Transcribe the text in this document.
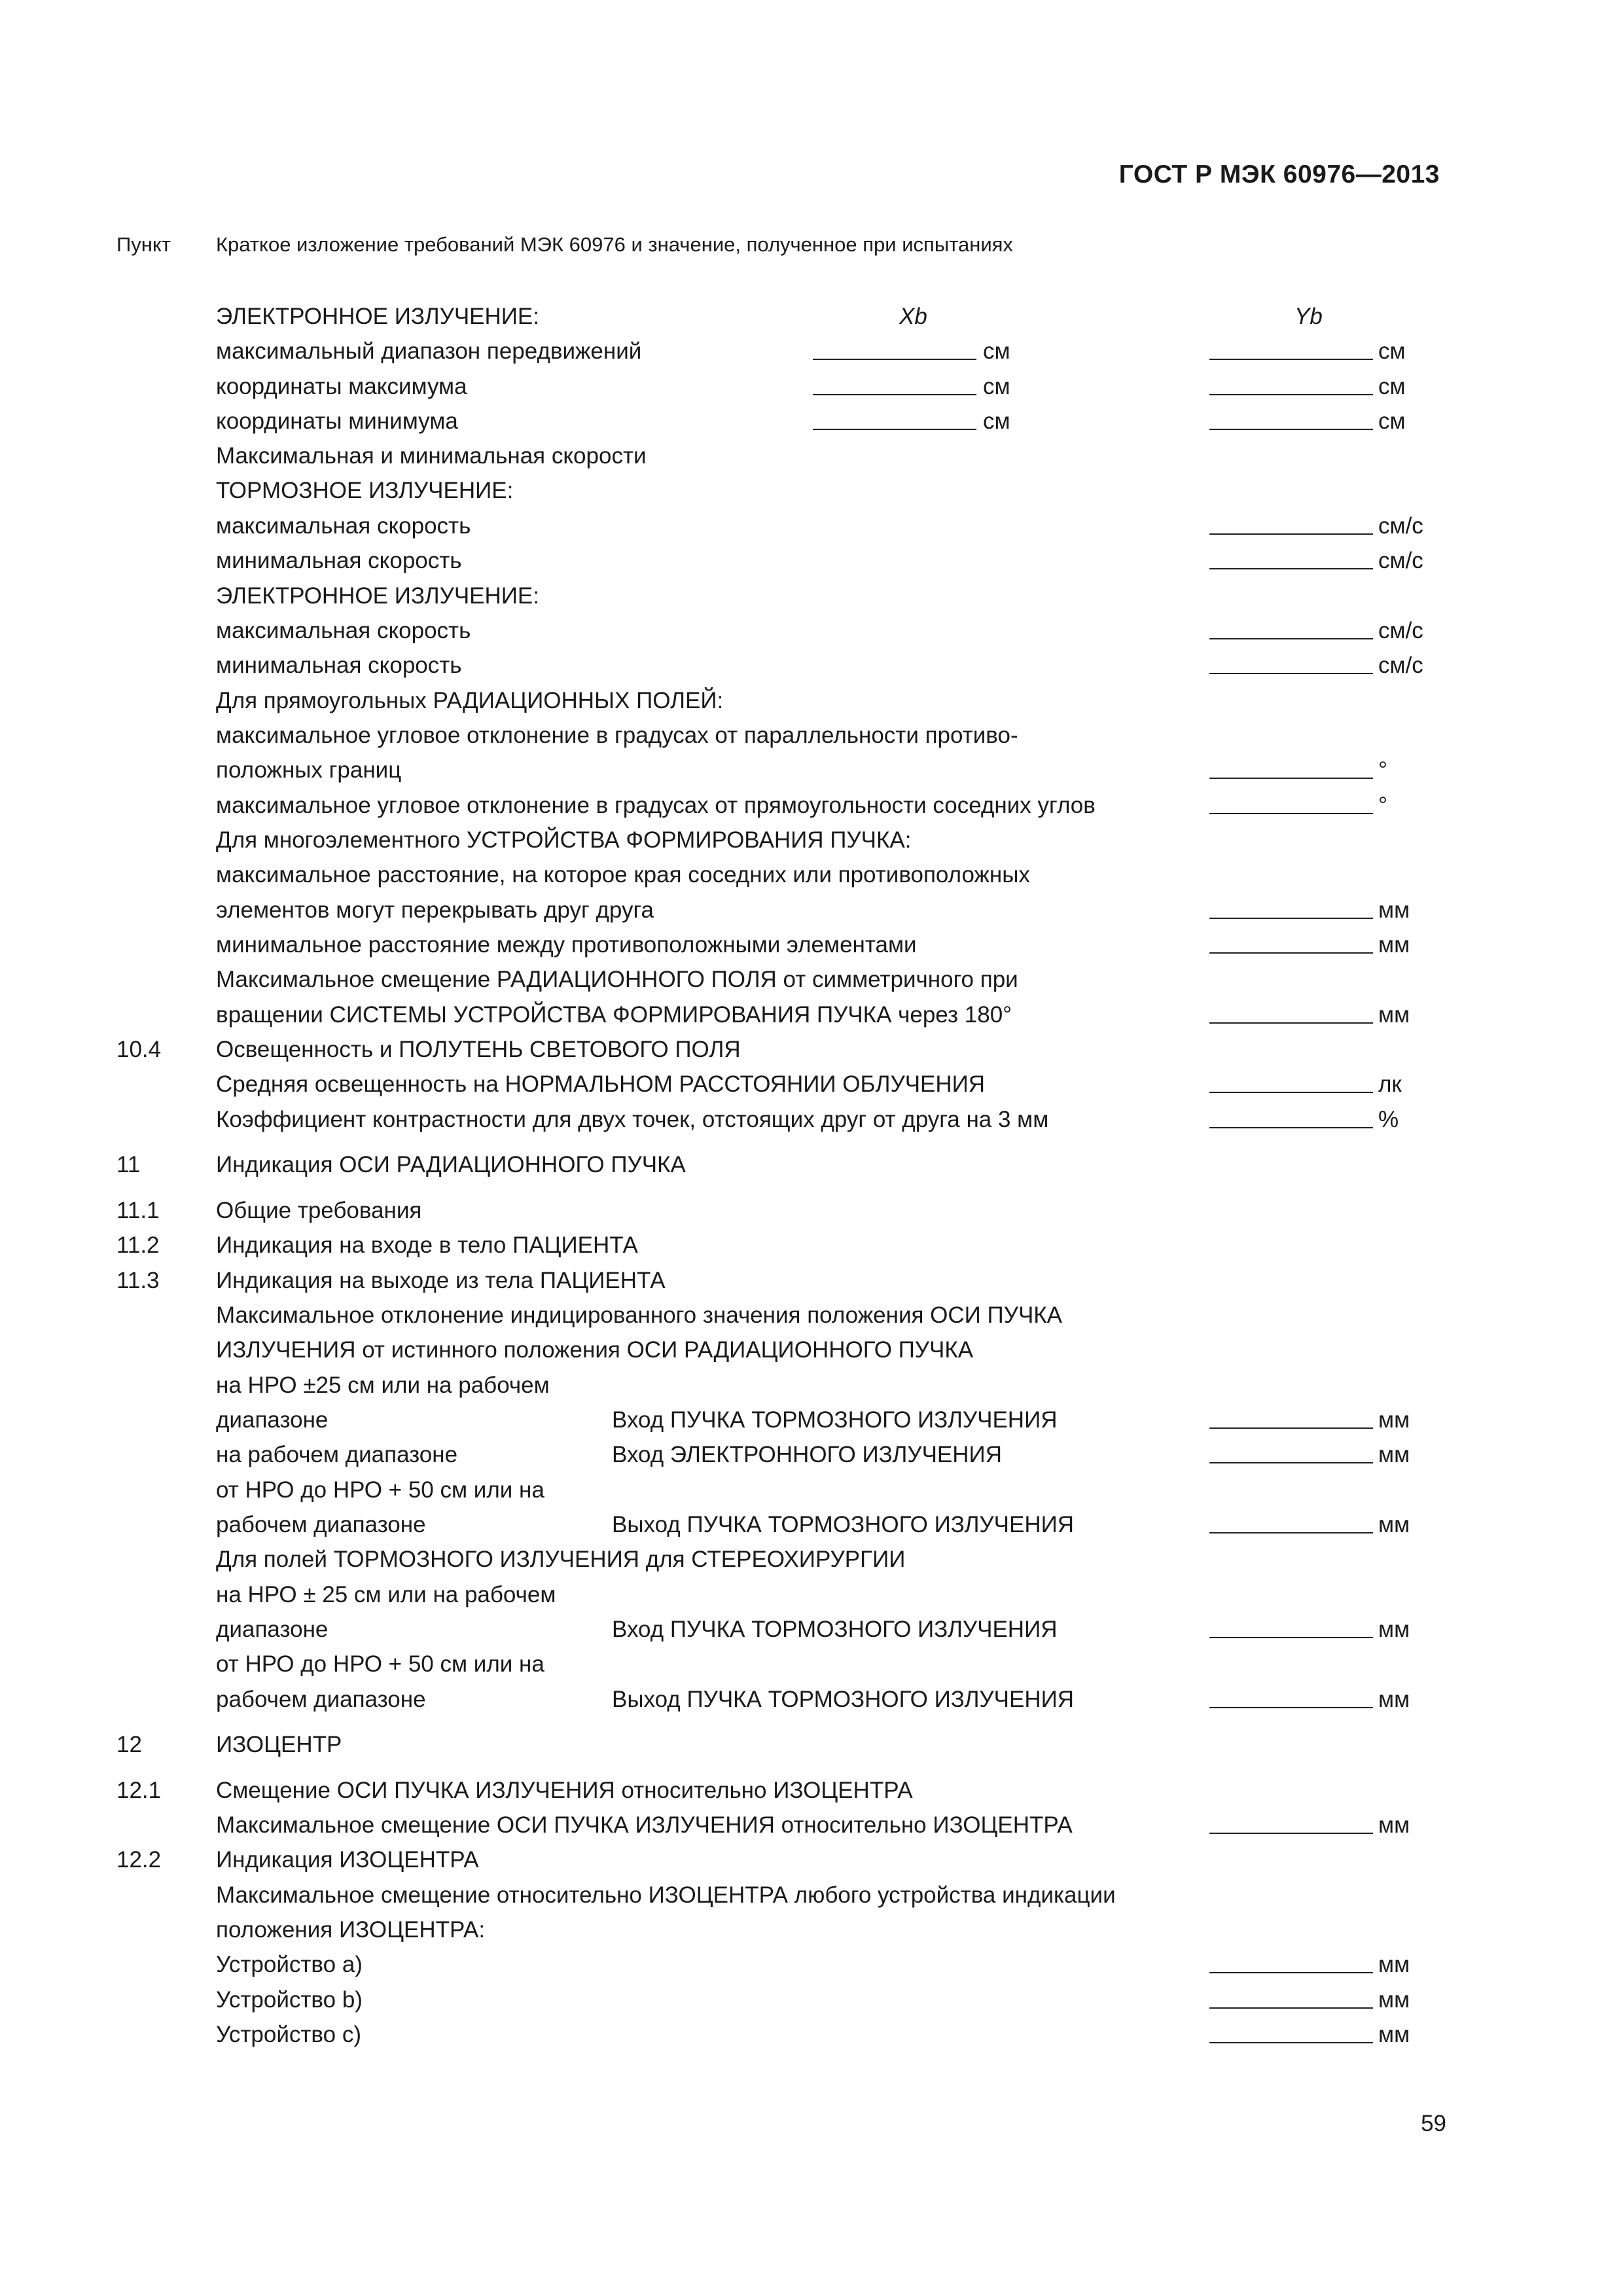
ГОСТ Р МЭК 60976—2013
Пункт Краткое изложение требований МЭК 60976 и значение, полученное при испытаниях
ЭЛЕКТРОННОЕ ИЗЛУЧЕНИЕ:	Xb	Yb
максимальный диапазон передвижений	см	см
координаты максимума	см	см
координаты минимума	см	см
Максимальная и минимальная скорости
ТОРМОЗНОЕ ИЗЛУЧЕНИЕ:
максимальная скорость	см/с
минимальная скорость	см/с
ЭЛЕКТРОННОЕ ИЗЛУЧЕНИЕ:
максимальная скорость	см/с
минимальная скорость	см/с
Для прямоугольных РАДИАЦИОННЫХ ПОЛЕЙ:
максимальное угловое отклонение в градусах от параллельности противо-
положных границ	°
максимальное угловое отклонение в градусах от прямоугольности соседних углов	°
Для многоэлементного УСТРОЙСТВА ФОРМИРОВАНИЯ ПУЧКА:
максимальное расстояние, на которое края соседних или противоположных
элементов могут перекрывать друг друга	мм
минимальное расстояние между противоположными элементами	мм
Максимальное смещение РАДИАЦИОННОГО ПОЛЯ от симметричного при
вращении СИСТЕМЫ УСТРОЙСТВА ФОРМИРОВАНИЯ ПУЧКА через 180°	мм
10.4 Освещенность и ПОЛУТЕНЬ СВЕТОВОГО ПОЛЯ
Средняя освещенность на НОРМАЛЬНОМ РАССТОЯНИИ ОБЛУЧЕНИЯ	лк
Коэффициент контрастности для двух точек, отстоящих друг от друга на 3 мм	%
11	Индикация ОСИ РАДИАЦИОННОГО ПУЧКА
11.1 Общие требования
11.2 Индикация на входе в тело ПАЦИЕНТА
11.3 Индикация на выходе из тела ПАЦИЕНТА
Максимальное отклонение индицированного значения положения ОСИ ПУЧКА
ИЗЛУЧЕНИЯ от истинного положения ОСИ РАДИАЦИОННОГО ПУЧКА
на НРО ±25 см или на рабочем
диапазоне	Вход ПУЧКА ТОРМОЗНОГО ИЗЛУЧЕНИЯ	мм
на рабочем диапазоне	Вход ЭЛЕКТРОННОГО ИЗЛУЧЕНИЯ	мм
от НРО до НРО + 50 см или на
рабочем диапазоне	Выход ПУЧКА ТОРМОЗНОГО ИЗЛУЧЕНИЯ	мм
Для полей ТОРМОЗНОГО ИЗЛУЧЕНИЯ для СТЕРЕОХИРУРГИИ
на НРО ± 25 см или на рабочем
диапазоне	Вход ПУЧКА ТОРМОЗНОГО ИЗЛУЧЕНИЯ	мм
от НРО до НРО + 50 см или на
рабочем диапазоне	Выход ПУЧКА ТОРМОЗНОГО ИЗЛУЧЕНИЯ	мм
12	ИЗОЦЕНТР
12.1 Смещение ОСИ ПУЧКА ИЗЛУЧЕНИЯ относительно ИЗОЦЕНТРА
Максимальное смещение ОСИ ПУЧКА ИЗЛУЧЕНИЯ относительно ИЗОЦЕНТРА	мм
12.2 Индикация ИЗОЦЕНТРА
Максимальное смещение относительно ИЗОЦЕНТРА любого устройства индикации
положения ИЗОЦЕНТРА:
Устройство а)	мм
Устройство b)	мм
Устройство с)	мм
59
